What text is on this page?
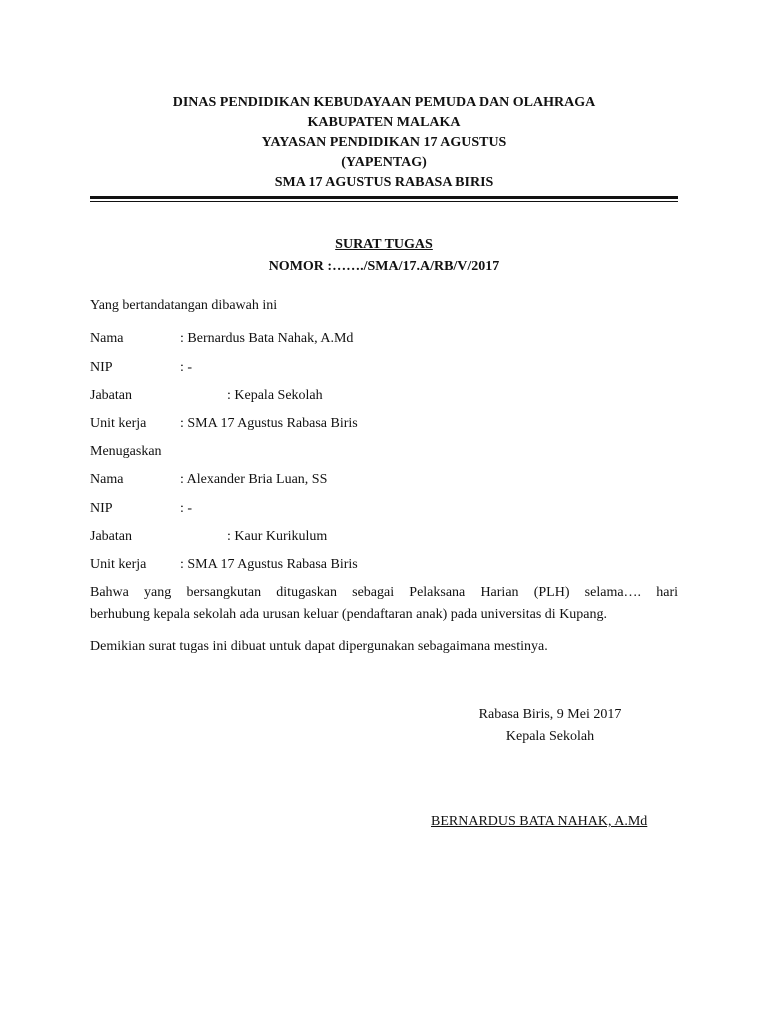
DINAS PENDIDIKAN KEBUDAYAAN PEMUDA DAN OLAHRAGA
KABUPATEN MALAKA
YAYASAN PENDIDIKAN 17 AGUSTUS
(YAPENTAG)
SMA 17 AGUSTUS RABASA BIRIS
SURAT TUGAS
NOMOR :……./SMA/17.A/RB/V/2017
Yang bertandatangan dibawah ini
Nama	: Bernardus Bata Nahak, A.Md
NIP	: -
Jabatan	: Kepala Sekolah
Unit kerja : SMA 17 Agustus Rabasa Biris
Menugaskan
Nama	: Alexander Bria Luan, SS
NIP	: -
Jabatan	: Kaur Kurikulum
Unit kerja : SMA 17 Agustus Rabasa Biris
Bahwa yang bersangkutan ditugaskan sebagai Pelaksana Harian (PLH) selama…. hari
berhubung kepala sekolah ada urusan keluar (pendaftaran anak) pada universitas di Kupang.
Demikian surat tugas ini dibuat untuk dapat dipergunakan sebagaimana mestinya.
Rabasa Biris, 9 Mei 2017
Kepala Sekolah
BERNARDUS BATA NAHAK, A.Md
